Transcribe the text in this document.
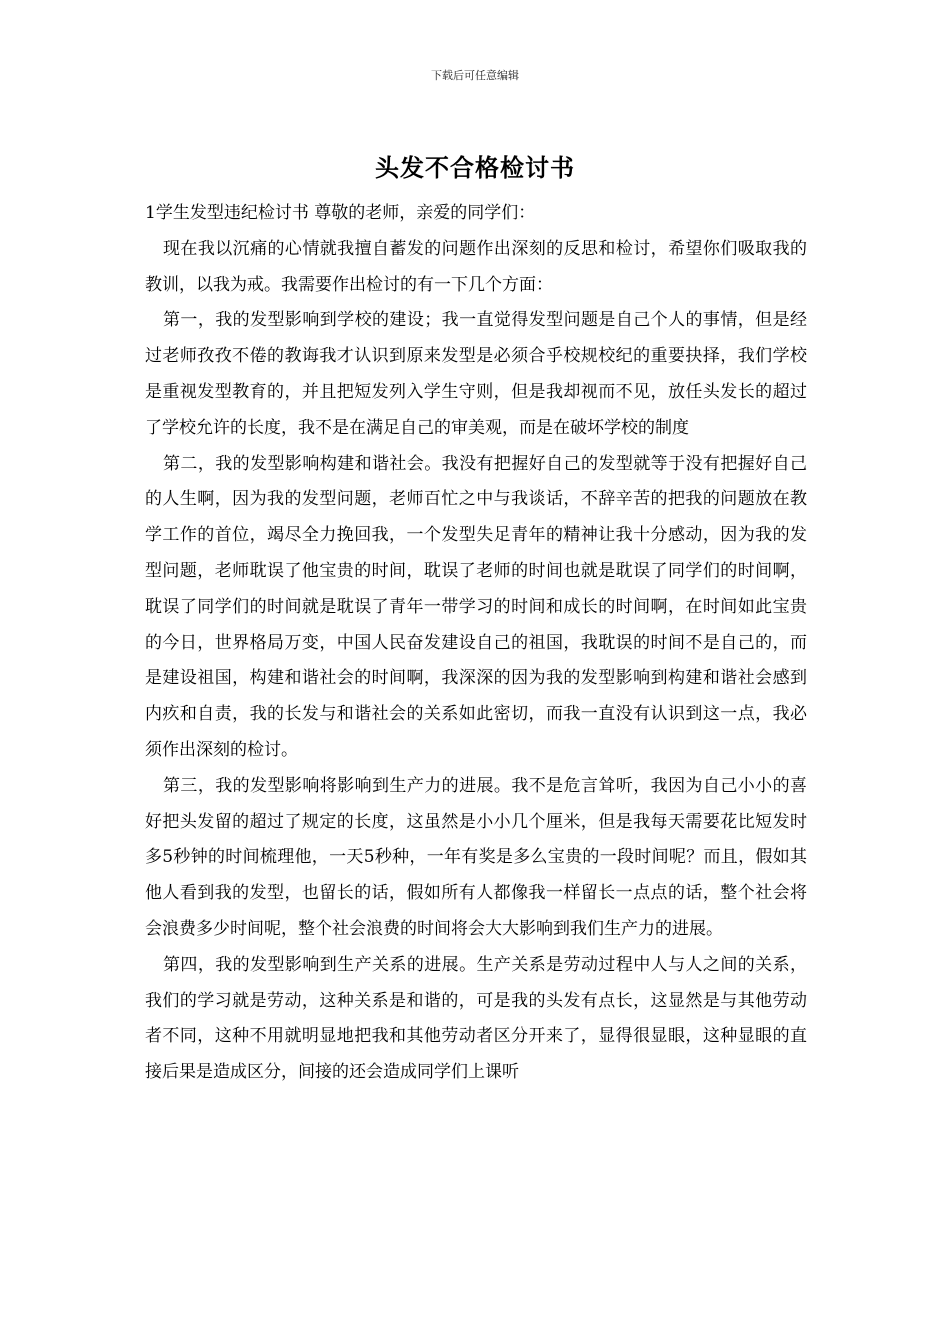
下载后可任意编辑
头发不合格检讨书

1学生发型违纪检讨书 尊敬的老师，亲爱的同学们：

现在我以沉痛的心情就我擅自蓄发的问题作出深刻的反思和检讨，希望你们吸取我的教训，以我为戒。我需要作出检讨的有一下几个方面：

第一，我的发型影响到学校的建设；我一直觉得发型问题是自己个人的事情，但是经过老师孜孜不倦的教诲我才认识到原来发型是必须合乎校规校纪的重要抉择，我们学校是重视发型教育的，并且把短发列入学生守则，但是我却视而不见，放任头发长的超过了学校允许的长度，我不是在满足自己的审美观，而是在破坏学校的制度

第二，我的发型影响构建和谐社会。我没有把握好自己的发型就等于没有把握好自己的人生啊，因为我的发型问题，老师百忙之中与我谈话，不辞辛苦的把我的问题放在教学工作的首位，竭尽全力挽回我，一个发型失足青年的精神让我十分感动，因为我的发型问题，老师耽误了他宝贵的时间，耽误了老师的时间也就是耽误了同学们的时间啊，耽误了同学们的时间就是耽误了青年一带学习的时间和成长的时间啊，在时间如此宝贵的今日，世界格局万变，中国人民奋发建设自己的祖国，我耽误的时间不是自己的，而是建设祖国，构建和谐社会的时间啊，我深深的因为我的发型影响到构建和谐社会感到内疚和自责，我的长发与和谐社会的关系如此密切，而我一直没有认识到这一点，我必须作出深刻的检讨。

第三，我的发型影响将影响到生产力的进展。我不是危言耸听，我因为自己小小的喜好把头发留的超过了规定的长度，这虽然是小小几个厘米，但是我每天需要花比短发时多5秒钟的时间梳理他，一天5秒种，一年有奖是多么宝贵的一段时间呢？而且，假如其他人看到我的发型，也留长的话，假如所有人都像我一样留长一点点的话，整个社会将会浪费多少时间呢，整个社会浪费的时间将会大大影响到我们生产力的进展。

第四，我的发型影响到生产关系的进展。生产关系是劳动过程中人与人之间的关系，我们的学习就是劳动，这种关系是和谐的，可是我的头发有点长，这显然是与其他劳动者不同，这种不用就明显地把我和其他劳动者区分开来了，显得很显眼，这种显眼的直接后果是造成区分，间接的还会造成同学们上课听
